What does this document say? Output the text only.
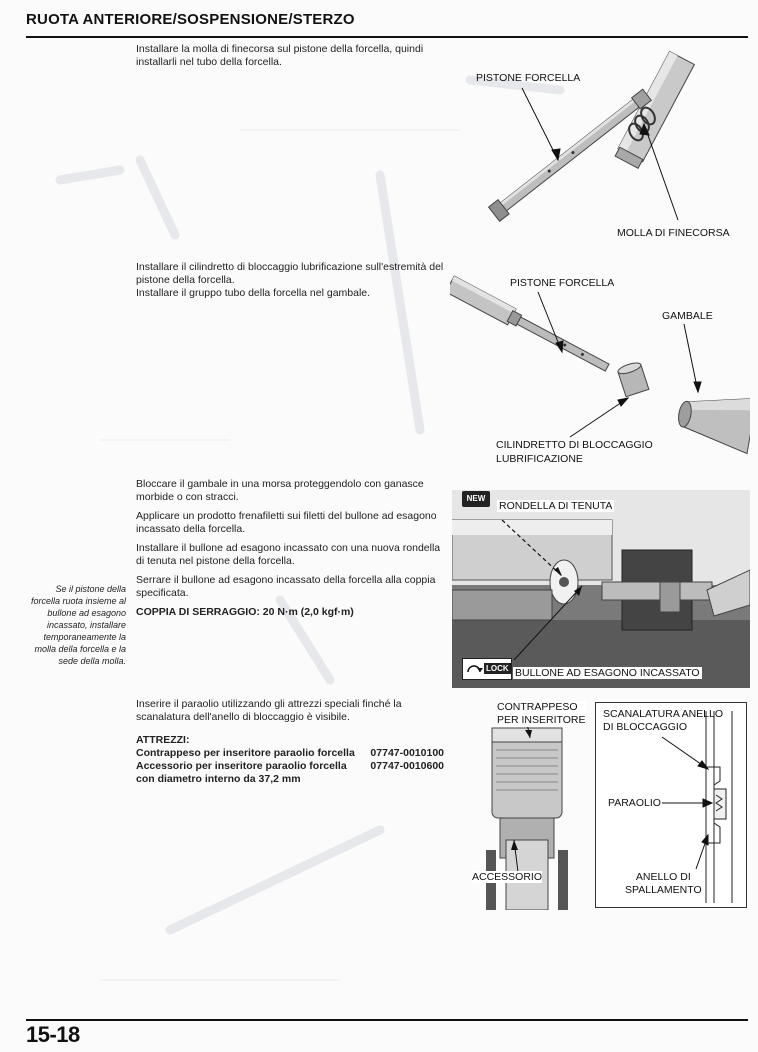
RUOTA ANTERIORE/SOSPENSIONE/STERZO

Installare la molla di finecorsa sul pistone della forcella, quindi installarli nel tubo della forcella.

PISTONE FORCELLA
MOLLA DI FINECORSA

Installare il cilindretto di bloccaggio lubrificazione sull'estremità del pistone della forcella.

Installare il gruppo tubo della forcella nel gambale.

PISTONE FORCELLA
GAMBALE
CILINDRETTO DI BLOCCAGGIO
LUBRIFICAZIONE

Bloccare il gambale in una morsa proteggendolo con ganasce morbide o con stracci.

Applicare un prodotto frenafiletti sui filetti del bullone ad esagono incassato della forcella.

Installare il bullone ad esagono incassato con una nuova rondella di tenuta nel pistone della forcella.

Serrare il bullone ad esagono incassato della forcella alla coppia specificata.

COPPIA DI SERRAGGIO: 20 N·m (2,0 kgf·m)

Se il pistone della forcella ruota insieme al bullone ad esagono incassato, installare temporaneamente la molla della forcella e la sede della molla.
NEW
RONDELLA DI TENUTA
LOCK BULLONE AD ESAGONO INCASSATO

Inserire il paraolio utilizzando gli attrezzi speciali finché la scanalatura dell'anello di bloccaggio è visibile.

ATTREZZI:
Contrappeso per inseritore paraolio forcella 07747-0010100
Accessorio per inseritore paraolio forcella 07747-0010600
con diametro interno da 37,2 mm
CONTRAPPESO
PER INSERITORE
ACCESSORIO
SCANALATURA ANELLO
DI BLOCCAGGIO
PARAOLIO
ANELLO DI
SPALLAMENTO
15-18
